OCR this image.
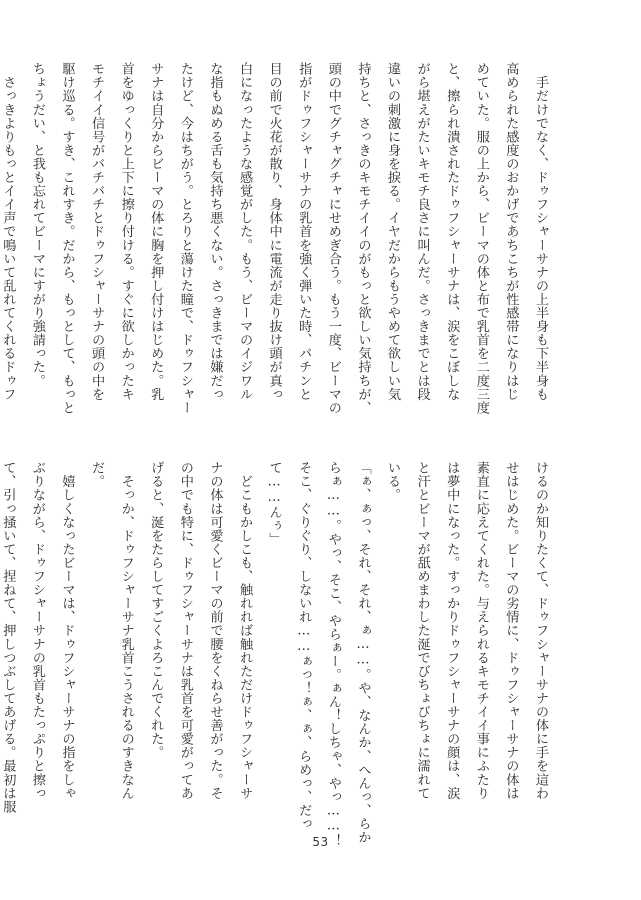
　手だけでなく、ドゥフシャーサナの上半身も下半身も
高められた感度のおかげであちこちが性感帯になりはじ
めていた。服の上から、ビーマの体と布で乳首を二度三度
と、擦られ潰されたドゥフシャーサナは、涙をこぼしな
がら堪えがたいキモチ良さに叫んだ。さっきまでとは段
違いの刺激に身を捩る。イヤだからもうやめて欲しい気
持ちと、さっきのキモチイイのがもっと欲しい気持ちが、
頭の中でグチャグチャにせめぎ合う。もう一度、ビーマの
指がドゥフシャーサナの乳首を強く弾いた時、バチンと
目の前で火花が散り、身体中に電流が走り抜け頭が真っ
白になったような感覚がした。もう、ビーマのイジワル
な指もぬめる舌も気持ち悪くない。さっきまでは嫌だっ
たけど、今はちがう。とろりと蕩けた瞳で、ドゥフシャー
サナは自分からビーマの体に胸を押し付けはじめた。乳
首をゆっくりと上下に擦り付ける。すぐに欲しかったキ
モチイイ信号がバチバチとドゥフシャーサナの頭の中を
駆け巡る。すき、これすき。だから、もっとして、もっと
ちょうだい、と我も忘れてビーマにすがり強請った。
　さっきよりもっとイイ声で鳴いて乱れてくれるドゥフ
けるのか知りたくて、ドゥフシャーサナの体に手を這わ
せはじめた。ビーマの劣情に、ドゥフシャーサナの体は
素直に応えてくれた。与えられるキモチイイ事にふたり
は夢中になった。すっかりドゥフシャーサナの顔は、涙
と汗とビーマが舐めまわした涎でびちょびちょに濡れて
いる。
「ぁ、ぁっ、それ、それ、ぁ……。や、なんか、へんっ、らか
らぁ……。やっ、そこ、やらぁー。ぁん！しちゃ、やっ……！
そこ、ぐりぐり、しないれ……ぁっ！ぁ、ぁ、らめっ、だっ
て……んぅ」
　どこもかしこも、触れれば触れただけドゥフシャーサ
ナの体は可愛くビーマの前で腰をくねらせ善がった。そ
の中でも特に、ドゥフシャーサナは乳首を可愛がってあ
げると、涎をたらしてすごくよろこんでくれた。
　そっか、ドゥフシャーサナ乳首こうされるのすきなん
だ。
　嬉しくなったビーマは、ドゥフシャーサナの指をしゃ
ぶりながら、ドゥフシャーサナの乳首もたっぷりと擦っ
て、引っ掻いて、捏ねて、押しつぶしてあげる。最初は服
53
